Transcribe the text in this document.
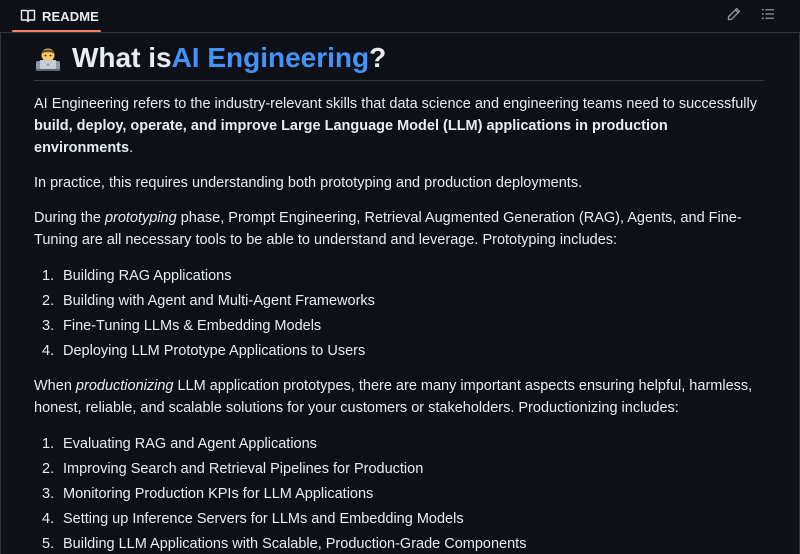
README
What is AI Engineering ?

AI Engineering refers to the industry-relevant skills that data science and engineering teams need to successfully build, deploy, operate, and improve Large Language Model (LLM) applications in production environments.

In practice, this requires understanding both prototyping and production deployments.

During the prototyping phase, Prompt Engineering, Retrieval Augmented Generation (RAG), Agents, and Fine-Tuning are all necessary tools to be able to understand and leverage. Prototyping includes:

1. Building RAG Applications
2. Building with Agent and Multi-Agent Frameworks
3. Fine-Tuning LLMs & Embedding Models
4. Deploying LLM Prototype Applications to Users

When productionizing LLM application prototypes, there are many important aspects ensuring helpful, harmless, honest, reliable, and scalable solutions for your customers or stakeholders. Productionizing includes:

1. Evaluating RAG and Agent Applications
2. Improving Search and Retrieval Pipelines for Production
3. Monitoring Production KPIs for LLM Applications
4. Setting up Inference Servers for LLMs and Embedding Models
5. Building LLM Applications with Scalable, Production-Grade Components
